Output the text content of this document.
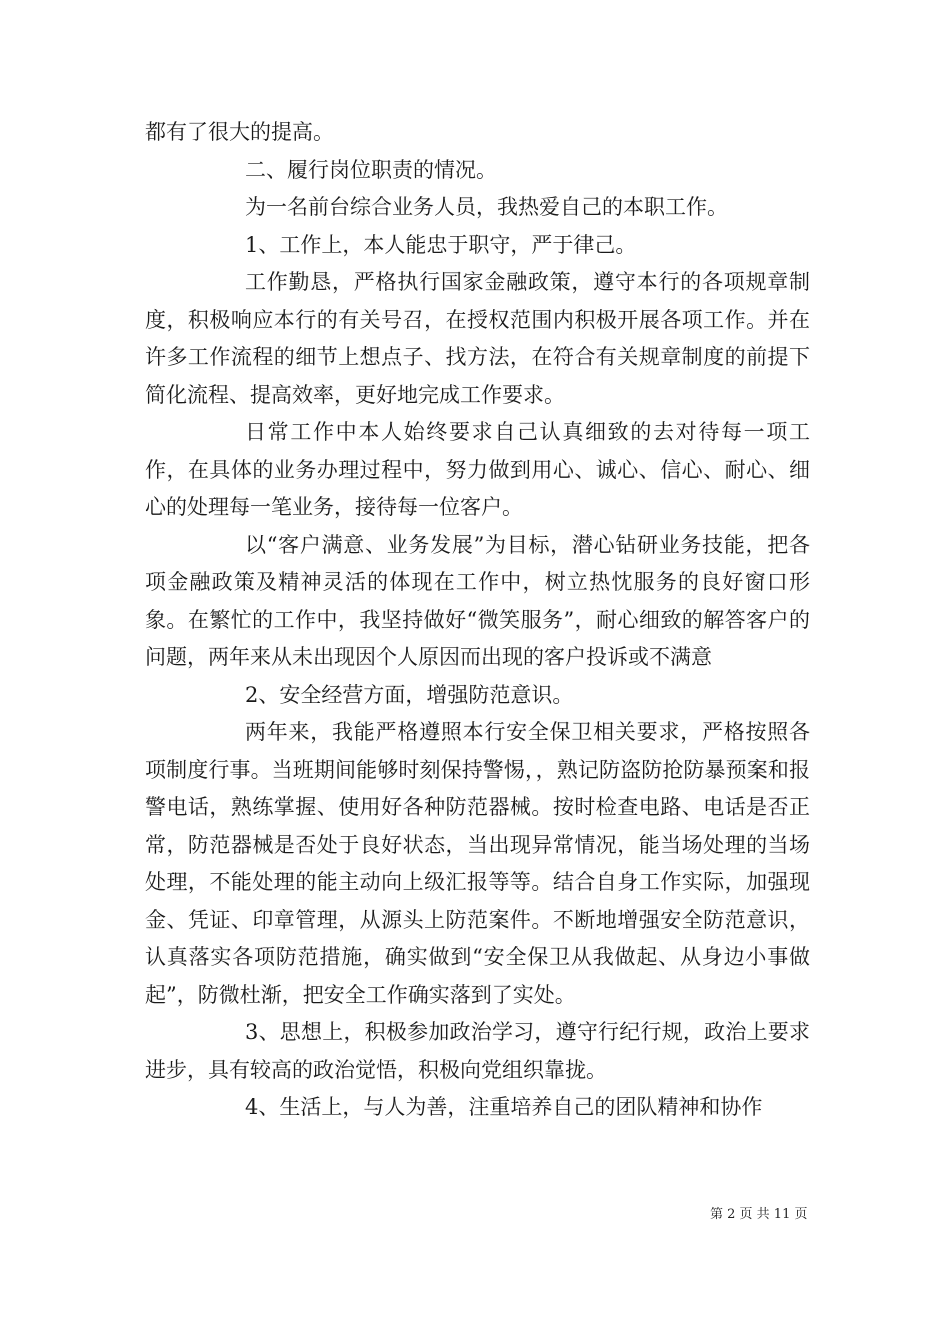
都有了很大的提高。

二、履行岗位职责的情况。

为一名前台综合业务人员，我热爱自己的本职工作。

1、工作上，本人能忠于职守，严于律己。

工作勤恳，严格执行国家金融政策，遵守本行的各项规章制度，积极响应本行的有关号召，在授权范围内积极开展各项工作。并在许多工作流程的细节上想点子、找方法，在符合有关规章制度的前提下简化流程、提高效率，更好地完成工作要求。

日常工作中本人始终要求自己认真细致的去对待每一项工作，在具体的业务办理过程中，努力做到用心、诚心、信心、耐心、细心的处理每一笔业务，接待每一位客户。

以“客户满意、业务发展”为目标，潜心钻研业务技能，把各项金融政策及精神灵活的体现在工作中，树立热忱服务的良好窗口形象。在繁忙的工作中，我坚持做好“微笑服务”，耐心细致的解答客户的问题，两年来从未出现因个人原因而出现的客户投诉或不满意

2、安全经营方面，增强防范意识。

两年来，我能严格遵照本行安全保卫相关要求，严格按照各项制度行事。当班期间能够时刻保持警惕，，熟记防盗防抢防暴预案和报警电话，熟练掌握、使用好各种防范器械。按时检查电路、电话是否正常，防范器械是否处于良好状态，当出现异常情况，能当场处理的当场处理，不能处理的能主动向上级汇报等等。结合自身工作实际，加强现金、凭证、印章管理，从源头上防范案件。不断地增强安全防范意识，认真落实各项防范措施，确实做到“安全保卫从我做起、从身边小事做起”，防微杜渐，把安全工作确实落到了实处。

3、思想上，积极参加政治学习，遵守行纪行规，政治上要求进步，具有较高的政治觉悟，积极向党组织靠拢。

4、生活上，与人为善，注重培养自己的团队精神和协作

第 2 页 共 11 页
